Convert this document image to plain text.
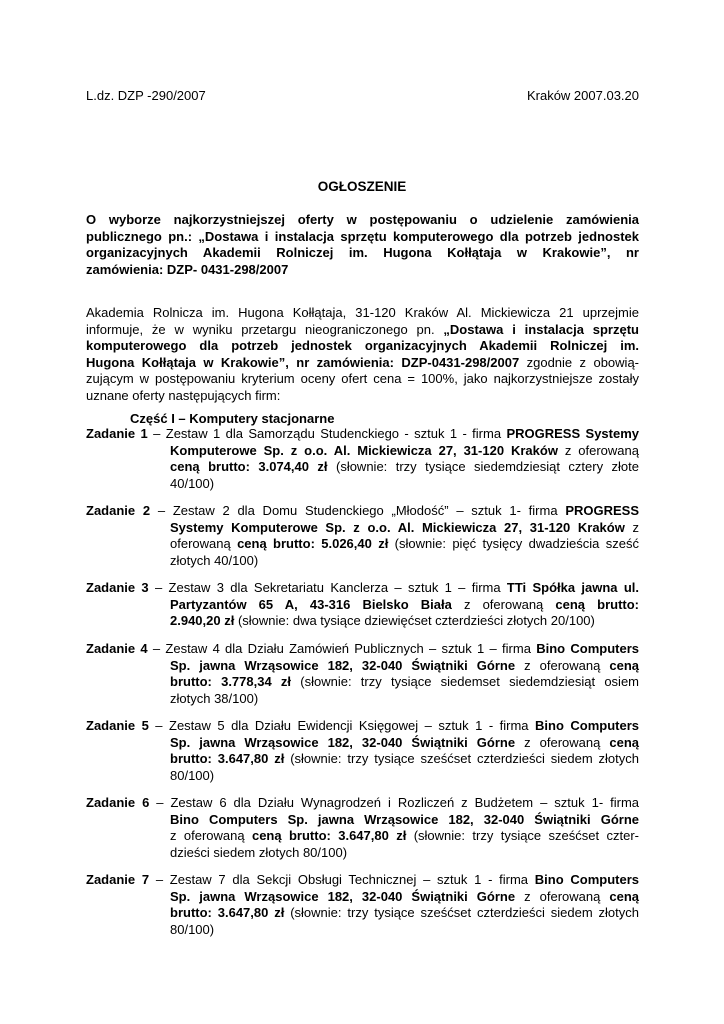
L.dz. DZP -290/2007	Kraków 2007.03.20
OGŁOSZENIE
O wyborze najkorzystniejszej oferty w postępowaniu o udzielenie zamówienia
publicznego pn.: „Dostawa i instalacja sprzętu komputerowego dla potrzeb jednostek
organizacyjnych Akademii Rolniczej im. Hugona Kołłątaja w Krakowie”, nr
zamówienia: DZP- 0431-298/2007
Akademia Rolnicza im. Hugona Kołłątaja, 31-120 Kraków Al. Mickiewicza 21 uprzejmie
informuje, że w wyniku przetargu nieograniczonego pn. „Dostawa i instalacja sprzętu
komputerowego dla potrzeb jednostek organizacyjnych Akademii Rolniczej im.
Hugona Kołłątaja w Krakowie”, nr zamówienia: DZP-0431-298/2007 zgodnie z obowią-
zującym w postępowaniu kryterium oceny ofert cena = 100%, jako najkorzystniejsze zostały
uznane oferty następujących firm:
Część I – Komputery stacjonarne
Zadanie 1 – Zestaw 1 dla Samorządu Studenckiego - sztuk 1 - firma PROGRESS Systemy
Komputerowe Sp. z o.o. Al. Mickiewicza 27, 31-120 Kraków z oferowaną
ceną brutto: 3.074,40 zł (słownie: trzy tysiące siedemdziesiąt cztery złote
40/100)
Zadanie 2 – Zestaw 2 dla Domu Studenckiego „Młodość” – sztuk 1- firma PROGRESS
Systemy Komputerowe Sp. z o.o. Al. Mickiewicza 27, 31-120 Kraków z
oferowaną ceną brutto: 5.026,40 zł (słownie: pięć tysięcy dwadzieścia sześć
złotych 40/100)
Zadanie 3 – Zestaw 3 dla Sekretariatu Kanclerza – sztuk 1 – firma TTi Spółka jawna ul.
Partyzantów 65 A, 43-316 Bielsko Biała z oferowaną ceną brutto:
2.940,20 zł (słownie: dwa tysiące dziewięćset czterdzieści złotych 20/100)
Zadanie 4 – Zestaw 4 dla Działu Zamówień Publicznych – sztuk 1 – firma Bino Computers
Sp. jawna Wrząsowice 182, 32-040 Świątniki Górne z oferowaną ceną
brutto: 3.778,34 zł (słownie: trzy tysiące siedemset siedemdziesiąt osiem
złotych 38/100)
Zadanie 5 – Zestaw 5 dla Działu Ewidencji Księgowej – sztuk 1 - firma Bino Computers
Sp. jawna Wrząsowice 182, 32-040 Świątniki Górne z oferowaną ceną
brutto: 3.647,80 zł (słownie: trzy tysiące sześćset czterdzieści siedem złotych
80/100)
Zadanie 6 – Zestaw 6 dla Działu Wynagrodzeń i Rozliczeń z Budżetem – sztuk 1- firma
Bino Computers Sp. jawna Wrząsowice 182, 32-040 Świątniki Górne
z oferowaną ceną brutto: 3.647,80 zł (słownie: trzy tysiące sześćset czter-
dzieści siedem złotych 80/100)
Zadanie 7 – Zestaw 7 dla Sekcji Obsługi Technicznej – sztuk 1 - firma Bino Computers
Sp. jawna Wrząsowice 182, 32-040 Świątniki Górne z oferowaną ceną
brutto: 3.647,80 zł (słownie: trzy tysiące sześćset czterdzieści siedem złotych
80/100)
